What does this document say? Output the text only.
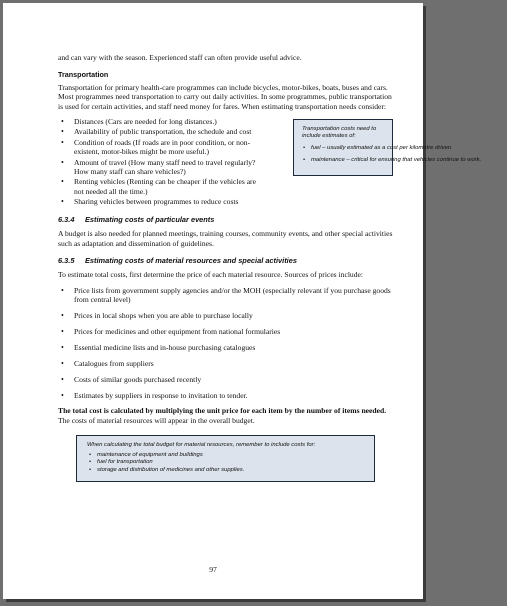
and can vary with the season. Experienced staff can often provide useful advice.

Transportation

Transportation for primary health-care programmes can include bicycles, motor-bikes, boats, buses and cars. Most programmes need transportation to carry out daily activities. In some programmes, public transportation is used for certain activities, and staff need money for fares. When estimating transportation needs consider:

• Distances (Cars are needed for long distances.)
• Availability of public transportation, the schedule and cost
• Condition of roads (If roads are in poor condition, or non-existent, motor-bikes might be more useful.)
• Amount of travel (How many staff need to travel regularly? How many staff can share vehicles?)
• Renting vehicles (Renting can be cheaper if the vehicles are not needed all the time.)
• Sharing vehicles between programmes to reduce costs
Transportation costs need to include estimates of:
• fuel – usually estimated as a cost per kilometre driven
• maintenance – critical for ensuring that vehicles continue to work.
6.3.4 Estimating costs of particular events

A budget is also needed for planned meetings, training courses, community events, and other special activities such as adaptation and dissemination of guidelines.

6.3.5 Estimating costs of material resources and special activities

To estimate total costs, first determine the price of each material resource. Sources of prices include:

• Price lists from government supply agencies and/or the MOH (especially relevant if you purchase goods from central level)
• Prices in local shops when you are able to purchase locally
• Prices for medicines and other equipment from national formularies
• Essential medicine lists and in-house purchasing catalogues
• Catalogues from suppliers
• Costs of similar goods purchased recently
• Estimates by suppliers in response to invitation to tender.

The total cost is calculated by multiplying the unit price for each item by the number of items needed. The costs of material resources will appear in the overall budget.

When calculating the total budget for material resources, remember to include costs for:
• maintenance of equipment and buildings
• fuel for transportation
• storage and distribution of medicines and other supplies.
97
